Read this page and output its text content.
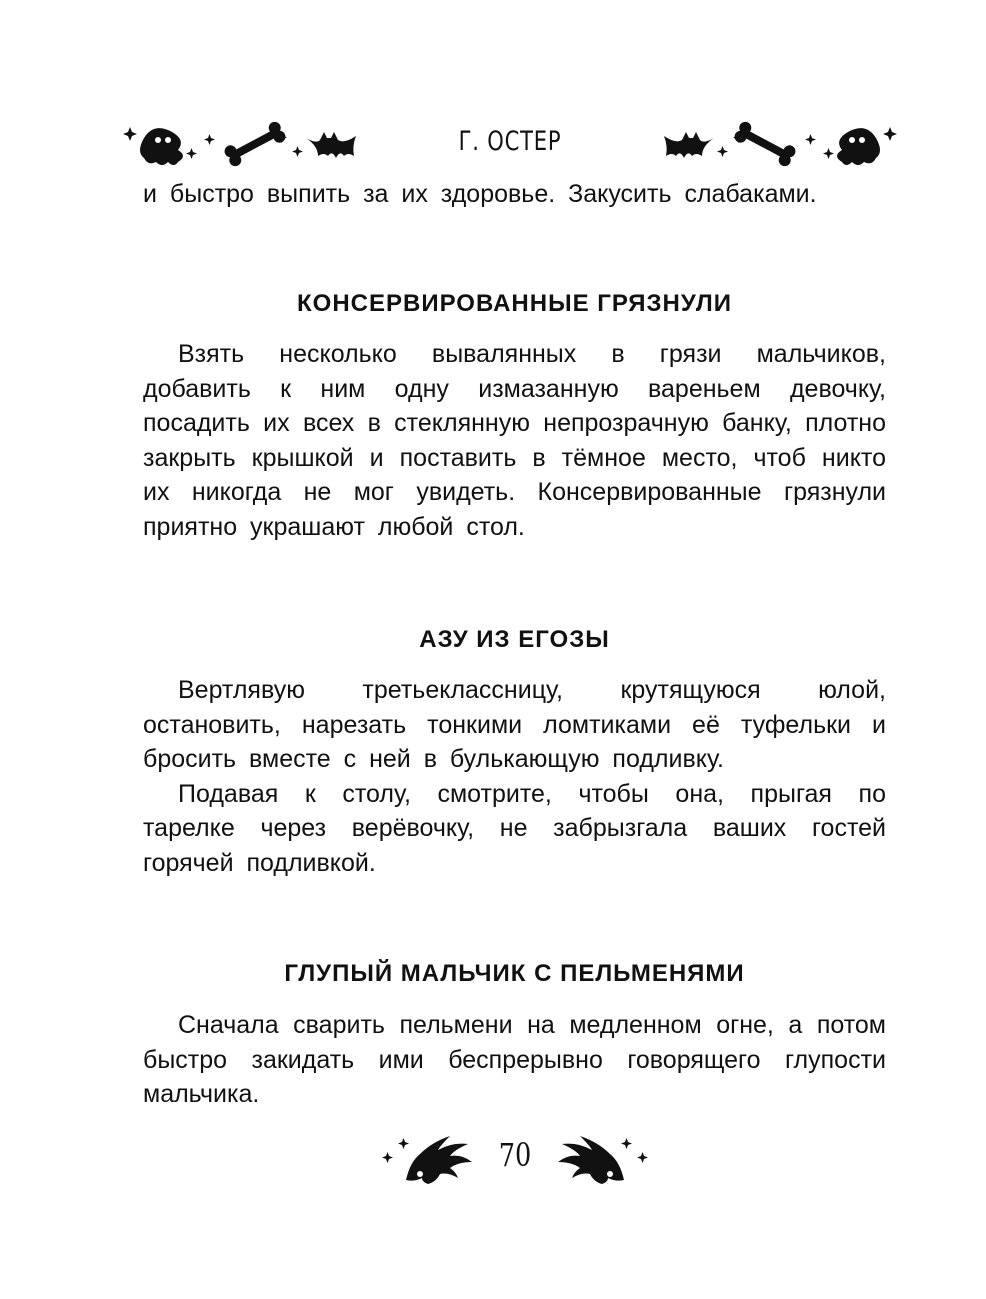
Г. ОСТЕР

и быстро выпить за их здоровье. Закусить слабаками.

КОНСЕРВИРОВАННЫЕ ГРЯЗНУЛИ

Взять несколько вывалянных в грязи мальчиков, добавить к ним одну измазанную вареньем девочку, посадить их всех в стеклянную непрозрачную банку, плотно закрыть крышкой и поставить в тёмное место, чтоб никто их никогда не мог увидеть. Консервированные грязнули приятно украшают любой стол.

АЗУ ИЗ ЕГОЗЫ

Вертлявую третьеклассницу, крутящуюся юлой, остановить, нарезать тонкими ломтиками её туфельки и бросить вместе с ней в булькающую подливку.

Подавая к столу, смотрите, чтобы она, прыгая по тарелке через верёвочку, не забрызгала ваших гостей горячей подливкой.

ГЛУПЫЙ МАЛЬЧИК С ПЕЛЬМЕНЯМИ

Сначала сварить пельмени на медленном огне, а потом быстро закидать ими беспрерывно говорящего глупости мальчика.

70
